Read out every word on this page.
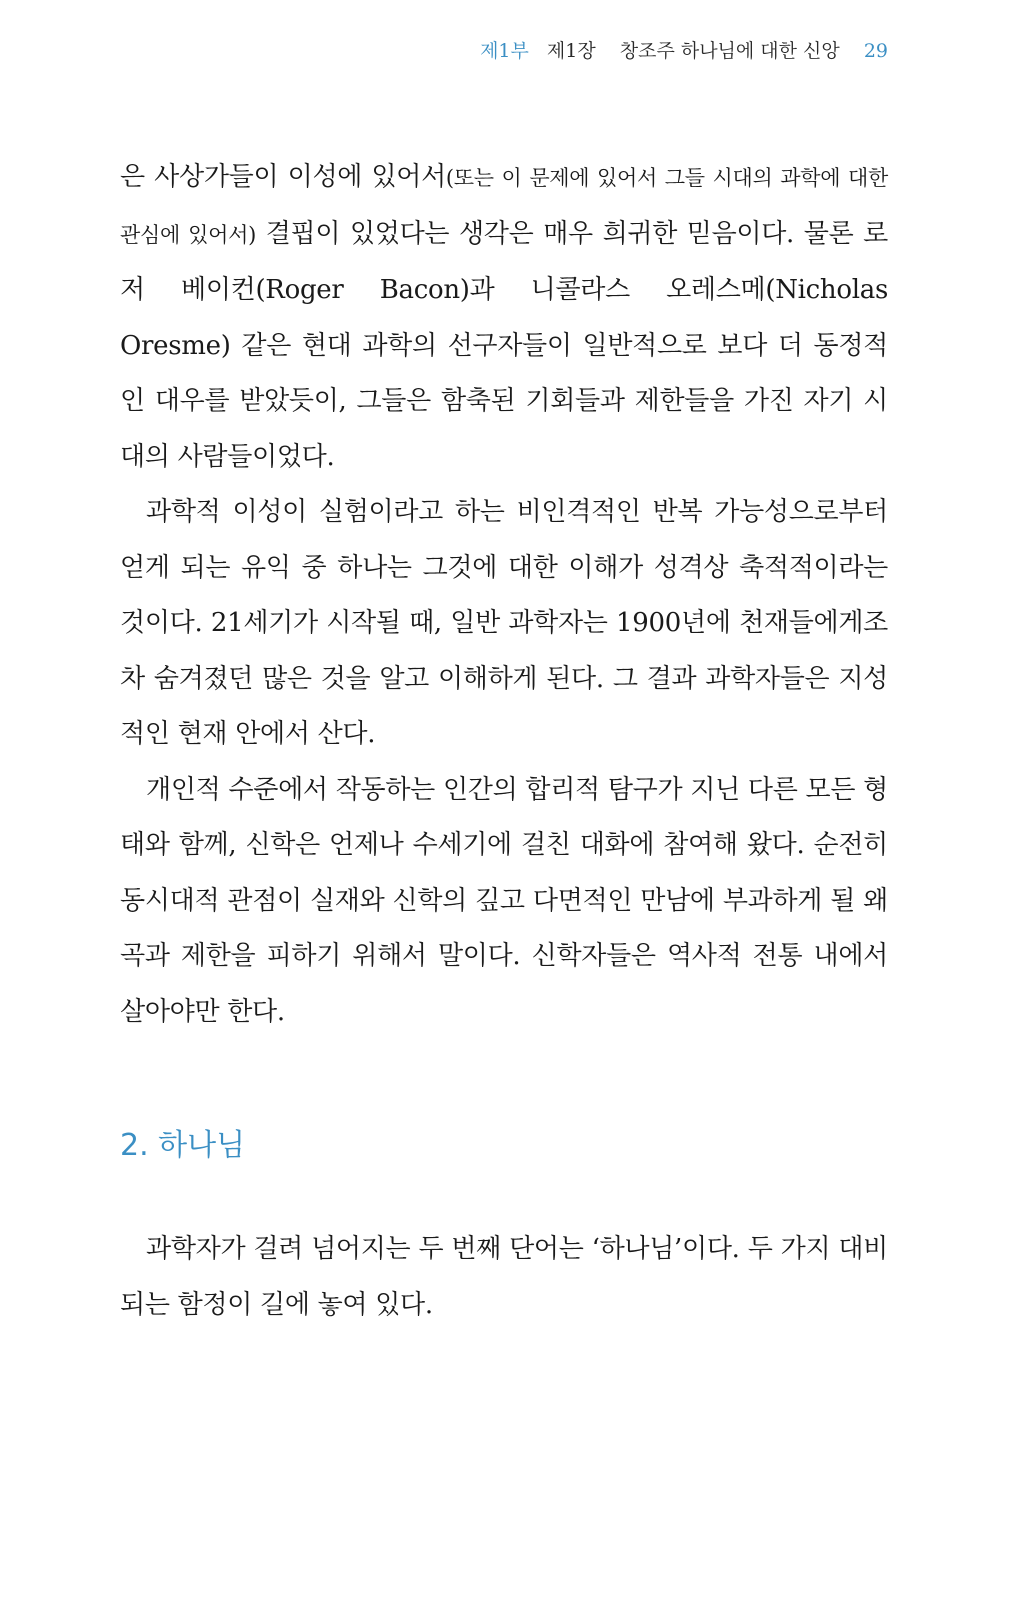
제1부 제1장 창조주 하나님에 대한 신앙 29

은 사상가들이 이성에 있어서(또는 이 문제에 있어서 그들 시대의 과학에 대한 관심에 있어서) 결핍이 있었다는 생각은 매우 희귀한 믿음이다. 물론 로저 베이컨(Roger Bacon)과 니콜라스 오레스메(Nicholas Oresme) 같은 현대 과학의 선구자들이 일반적으로 보다 더 동정적인 대우를 받았듯이, 그들은 함축된 기회들과 제한들을 가진 자기 시대의 사람들이었다.

과학적 이성이 실험이라고 하는 비인격적인 반복 가능성으로부터 얻게 되는 유익 중 하나는 그것에 대한 이해가 성격상 축적적이라는 것이다. 21세기가 시작될 때, 일반 과학자는 1900년에 천재들에게조차 숨겨졌던 많은 것을 알고 이해하게 된다. 그 결과 과학자들은 지성적인 현재 안에서 산다.

개인적 수준에서 작동하는 인간의 합리적 탐구가 지닌 다른 모든 형태와 함께, 신학은 언제나 수세기에 걸친 대화에 참여해 왔다. 순전히 동시대적 관점이 실재와 신학의 깊고 다면적인 만남에 부과하게 될 왜곡과 제한을 피하기 위해서 말이다. 신학자들은 역사적 전통 내에서 살아야만 한다.

2. 하나님

과학자가 걸려 넘어지는 두 번째 단어는 ‘하나님’이다. 두 가지 대비되는 함정이 길에 놓여 있다.
